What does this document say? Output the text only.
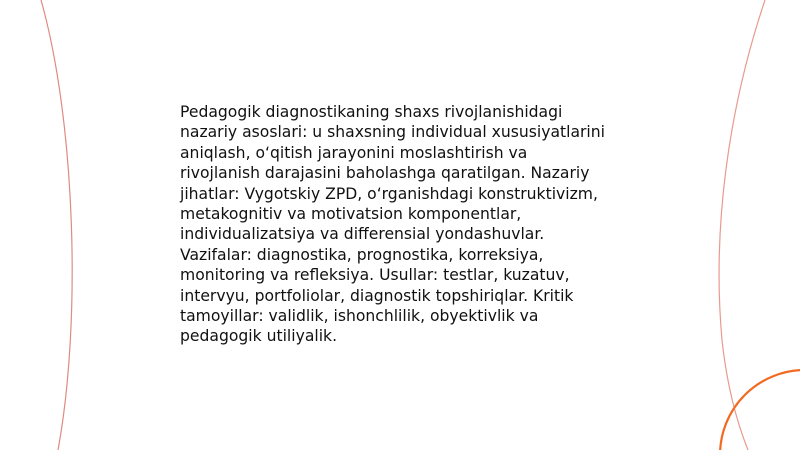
Pedagogik diagnostikaning shaxs rivojlanishidagi
nazariy asoslari: u shaxsning individual xususiyatlarini
aniqlash, o‘qitish jarayonini moslashtirish va
rivojlanish darajasini baholashga qaratilgan. Nazariy
jihatlar: Vygotskiy ZPD, o‘rganishdagi konstruktivizm,
metakognitiv va motivatsion komponentlar,
individualizatsiya va differensial yondashuvlar.
Vazifalar: diagnostika, prognostika, korreksiya,
monitoring va refleksiya. Usullar: testlar, kuzatuv,
intervyu, portfoliolar, diagnostik topshiriqlar. Kritik
tamoyillar: validlik, ishonchlilik, obyektivlik va
pedagogik utiliyalik.
